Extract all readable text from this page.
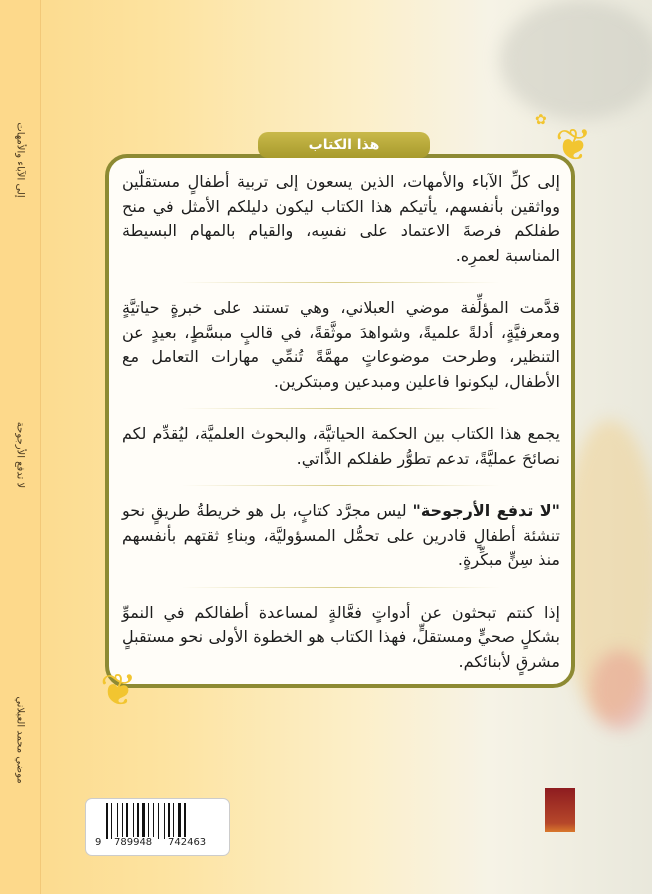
إلى الآباء والأمهات
لا تدفع الأرجوحة
موضي محمد العبلاني
هذا الكتاب	❦
✿
❦

إلى كلِّ الآباء والأمهات، الذين يسعون إلى تربية أطفالٍ مستقلّين وواثقين بأنفسهم، يأتيكم هذا الكتاب ليكون دليلكم الأمثل في منح طفلكم فرصةَ الاعتماد على نفسِه، والقيام بالمهام البسيطة المناسبة لعمرِه.

قدَّمت المؤلِّفة موضي العبلاني، وهي تستند على خبرةٍ حياتيَّةٍ ومعرفيَّةٍ، أدلةً علميةً، وشواهدَ موثَّقةً، في قالبٍ مبسَّطٍ، بعيدٍ عن التنظير، وطرحت موضوعاتٍ مهمَّةً تُنمِّي مهارات التعامل مع الأطفال، ليكونوا فاعلين ومبدعين ومبتكرين.

يجمع هذا الكتاب بين الحكمة الحياتيَّة، والبحوث العلميَّة، ليُقدِّم لكم نصائحَ عمليَّةً، تدعم تطوُّر طفلكم الذَّاتي.

"لا تدفع الأرجوحة" ليس مجرَّد كتابٍ، بل هو خريطةُ طريقٍ نحو تنشئة أطفالٍ قادرين على تحمُّل المسؤوليَّة، وبناءِ ثقتهم بأنفسهم منذ سِنٍّ مبكِّرةٍ.

إذا كنتم تبحثون عن أدواتٍ فعَّالةٍ لمساعدة أطفالكم في النموِّ بشكلٍ صحيٍّ ومستقلٍّ، فهذا الكتاب هو الخطوة الأولى نحو مستقبلٍ مشرقٍ لأبنائكم.

9 789948 742463
